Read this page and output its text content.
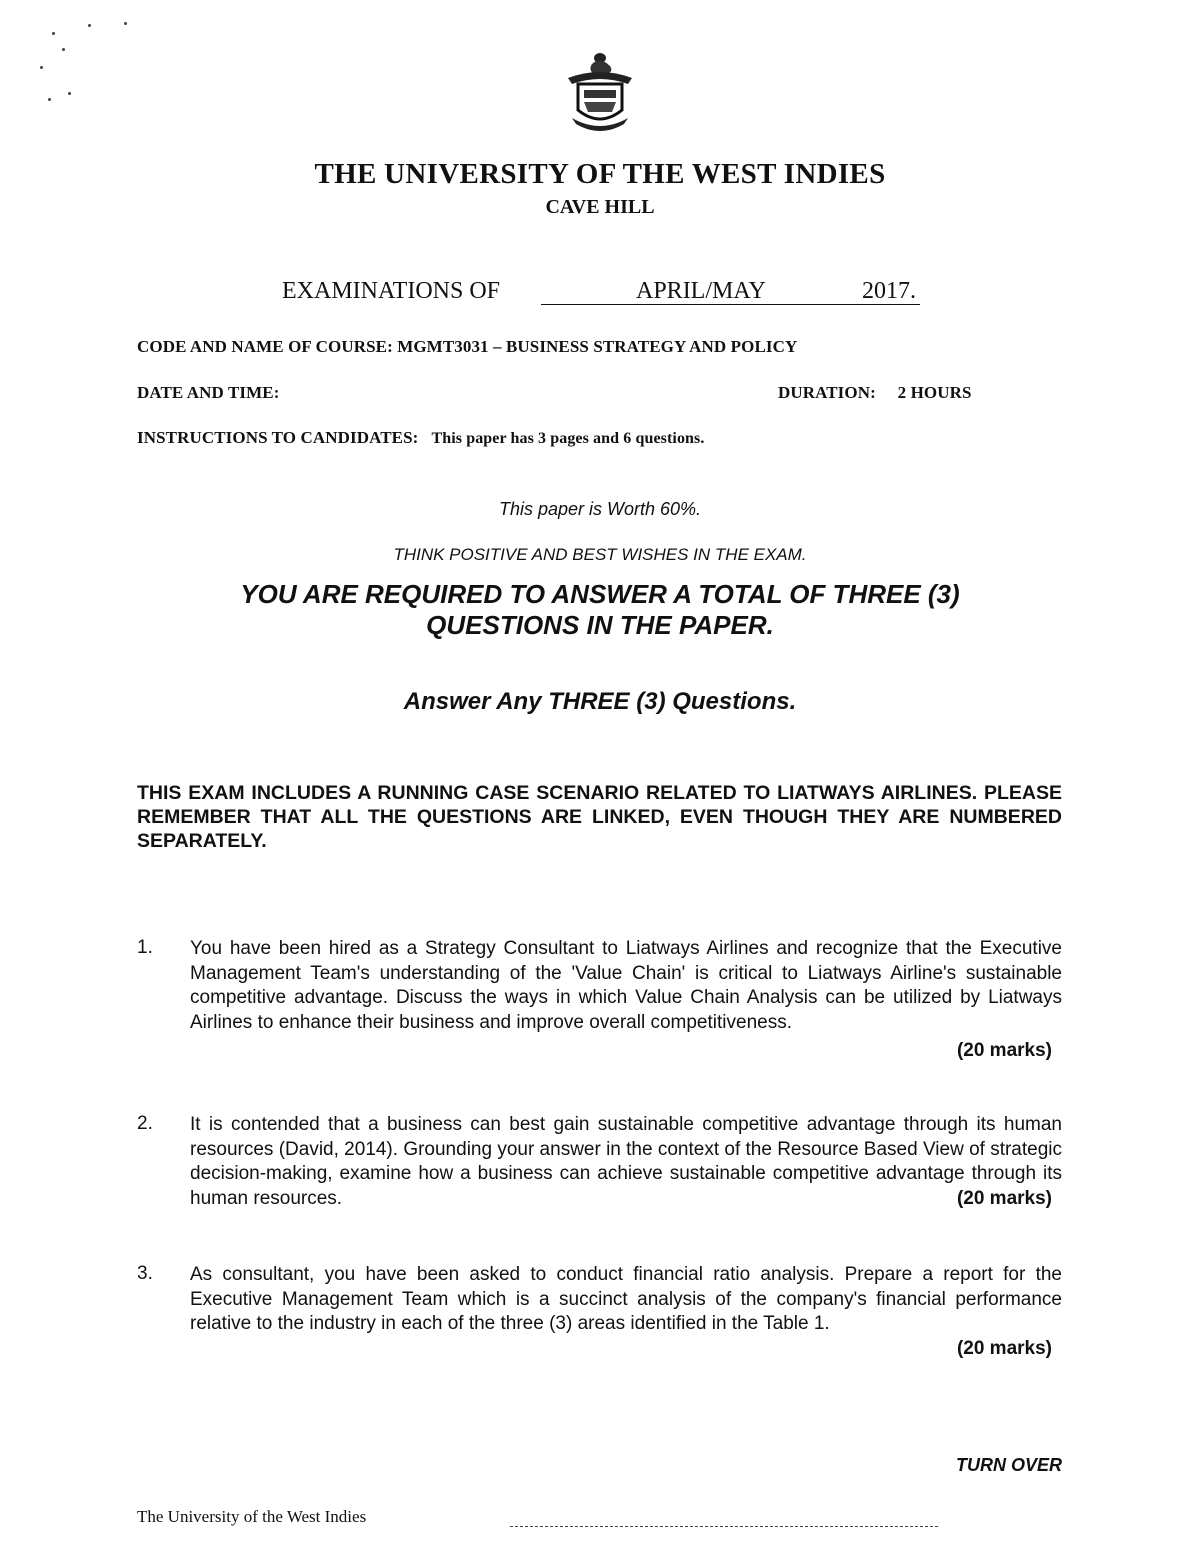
THE UNIVERSITY OF THE WEST INDIES
CAVE HILL
EXAMINATIONS OF	APRIL/MAY	2017.
CODE AND NAME OF COURSE: MGMT3031 – BUSINESS STRATEGY AND POLICY
DATE AND TIME:	DURATION: 2 HOURS
INSTRUCTIONS TO CANDIDATES: This paper has 3 pages and 6 questions.
This paper is Worth 60%.
THINK POSITIVE AND BEST WISHES IN THE EXAM.
YOU ARE REQUIRED TO ANSWER A TOTAL OF THREE (3)
QUESTIONS IN THE PAPER.
Answer Any THREE (3) Questions.
THIS EXAM INCLUDES A RUNNING CASE SCENARIO RELATED TO LIATWAYS AIRLINES. PLEASE REMEMBER THAT ALL THE QUESTIONS ARE LINKED, EVEN THOUGH THEY ARE NUMBERED SEPARATELY.
1. You have been hired as a Strategy Consultant to Liatways Airlines and recognize that the Executive Management Team's understanding of the 'Value Chain' is critical to Liatways Airline's sustainable competitive advantage. Discuss the ways in which Value Chain Analysis can be utilized by Liatways Airlines to enhance their business and improve overall competitiveness.
(20 marks)
2. It is contended that a business can best gain sustainable competitive advantage through its human resources (David, 2014). Grounding your answer in the context of the Resource Based View of strategic decision-making, examine how a business can achieve sustainable competitive advantage through its human resources.	(20 marks)
3. As consultant, you have been asked to conduct financial ratio analysis. Prepare a report for the Executive Management Team which is a succinct analysis of the company's financial performance relative to the industry in each of the three (3) areas identified in the Table 1.
(20 marks)
TURN OVER
The University of the West Indies
